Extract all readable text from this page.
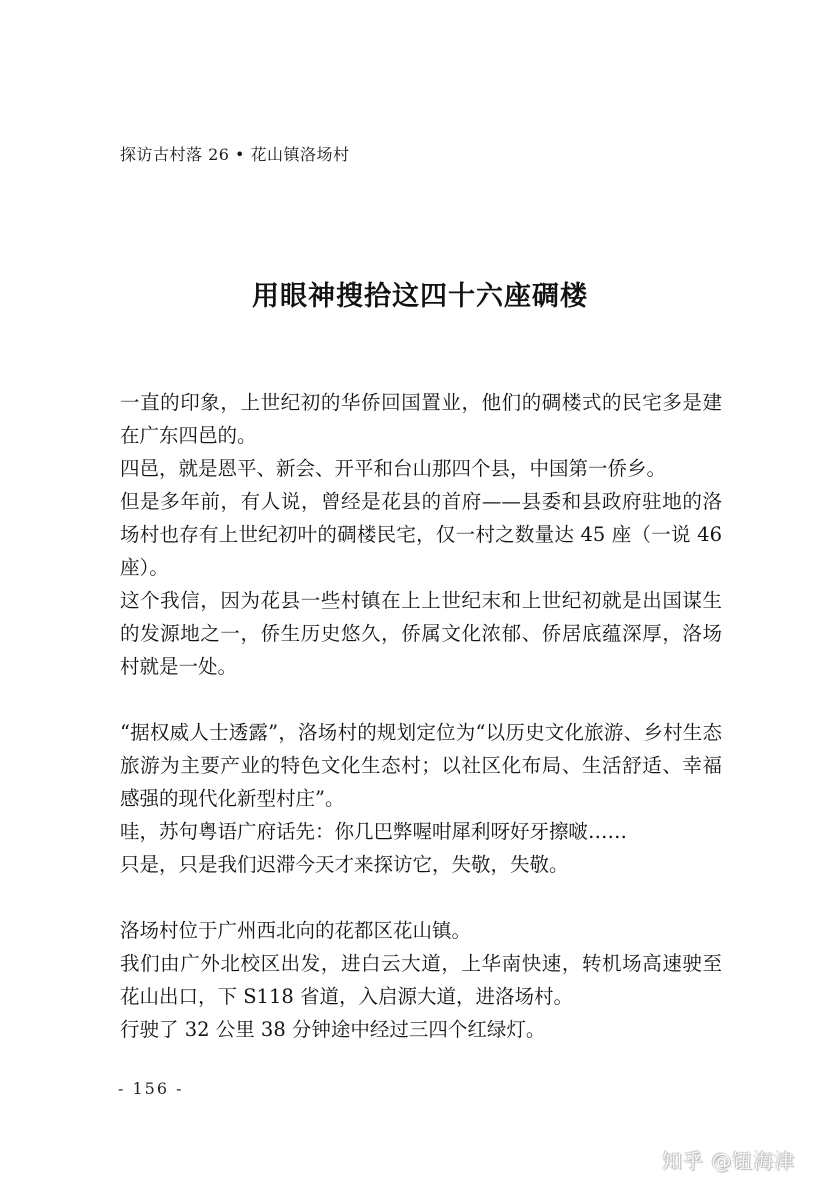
探访古村落 26 • 花山镇洛场村
用眼神搜拾这四十六座碉楼

一直的印象，上世纪初的华侨回国置业，他们的碉楼式的民宅多是建在广东四邑的。

四邑，就是恩平、新会、开平和台山那四个县，中国第一侨乡。

但是多年前，有人说，曾经是花县的首府——县委和县政府驻地的洛场村也存有上世纪初叶的碉楼民宅，仅一村之数量达 45 座（一说 46 座）。

这个我信，因为花县一些村镇在上上世纪末和上世纪初就是出国谋生的发源地之一，侨生历史悠久，侨属文化浓郁、侨居底蕴深厚，洛场村就是一处。

“据权威人士透露”，洛场村的规划定位为“以历史文化旅游、乡村生态旅游为主要产业的特色文化生态村；以社区化布局、生活舒适、幸福感强的现代化新型村庄”。

哇，苏句粤语广府话先：你几巴弊喔咁犀利呀好牙擦啵……

只是，只是我们迟滞今天才来探访它，失敬，失敬。

洛场村位于广州西北向的花都区花山镇。

我们由广外北校区出发，进白云大道，上华南快速，转机场高速驶至花山出口，下 S118 省道，入启源大道，进洛场村。

行驶了 32 公里 38 分钟途中经过三四个红绿灯。

- 156 -
知乎 @钮海津
